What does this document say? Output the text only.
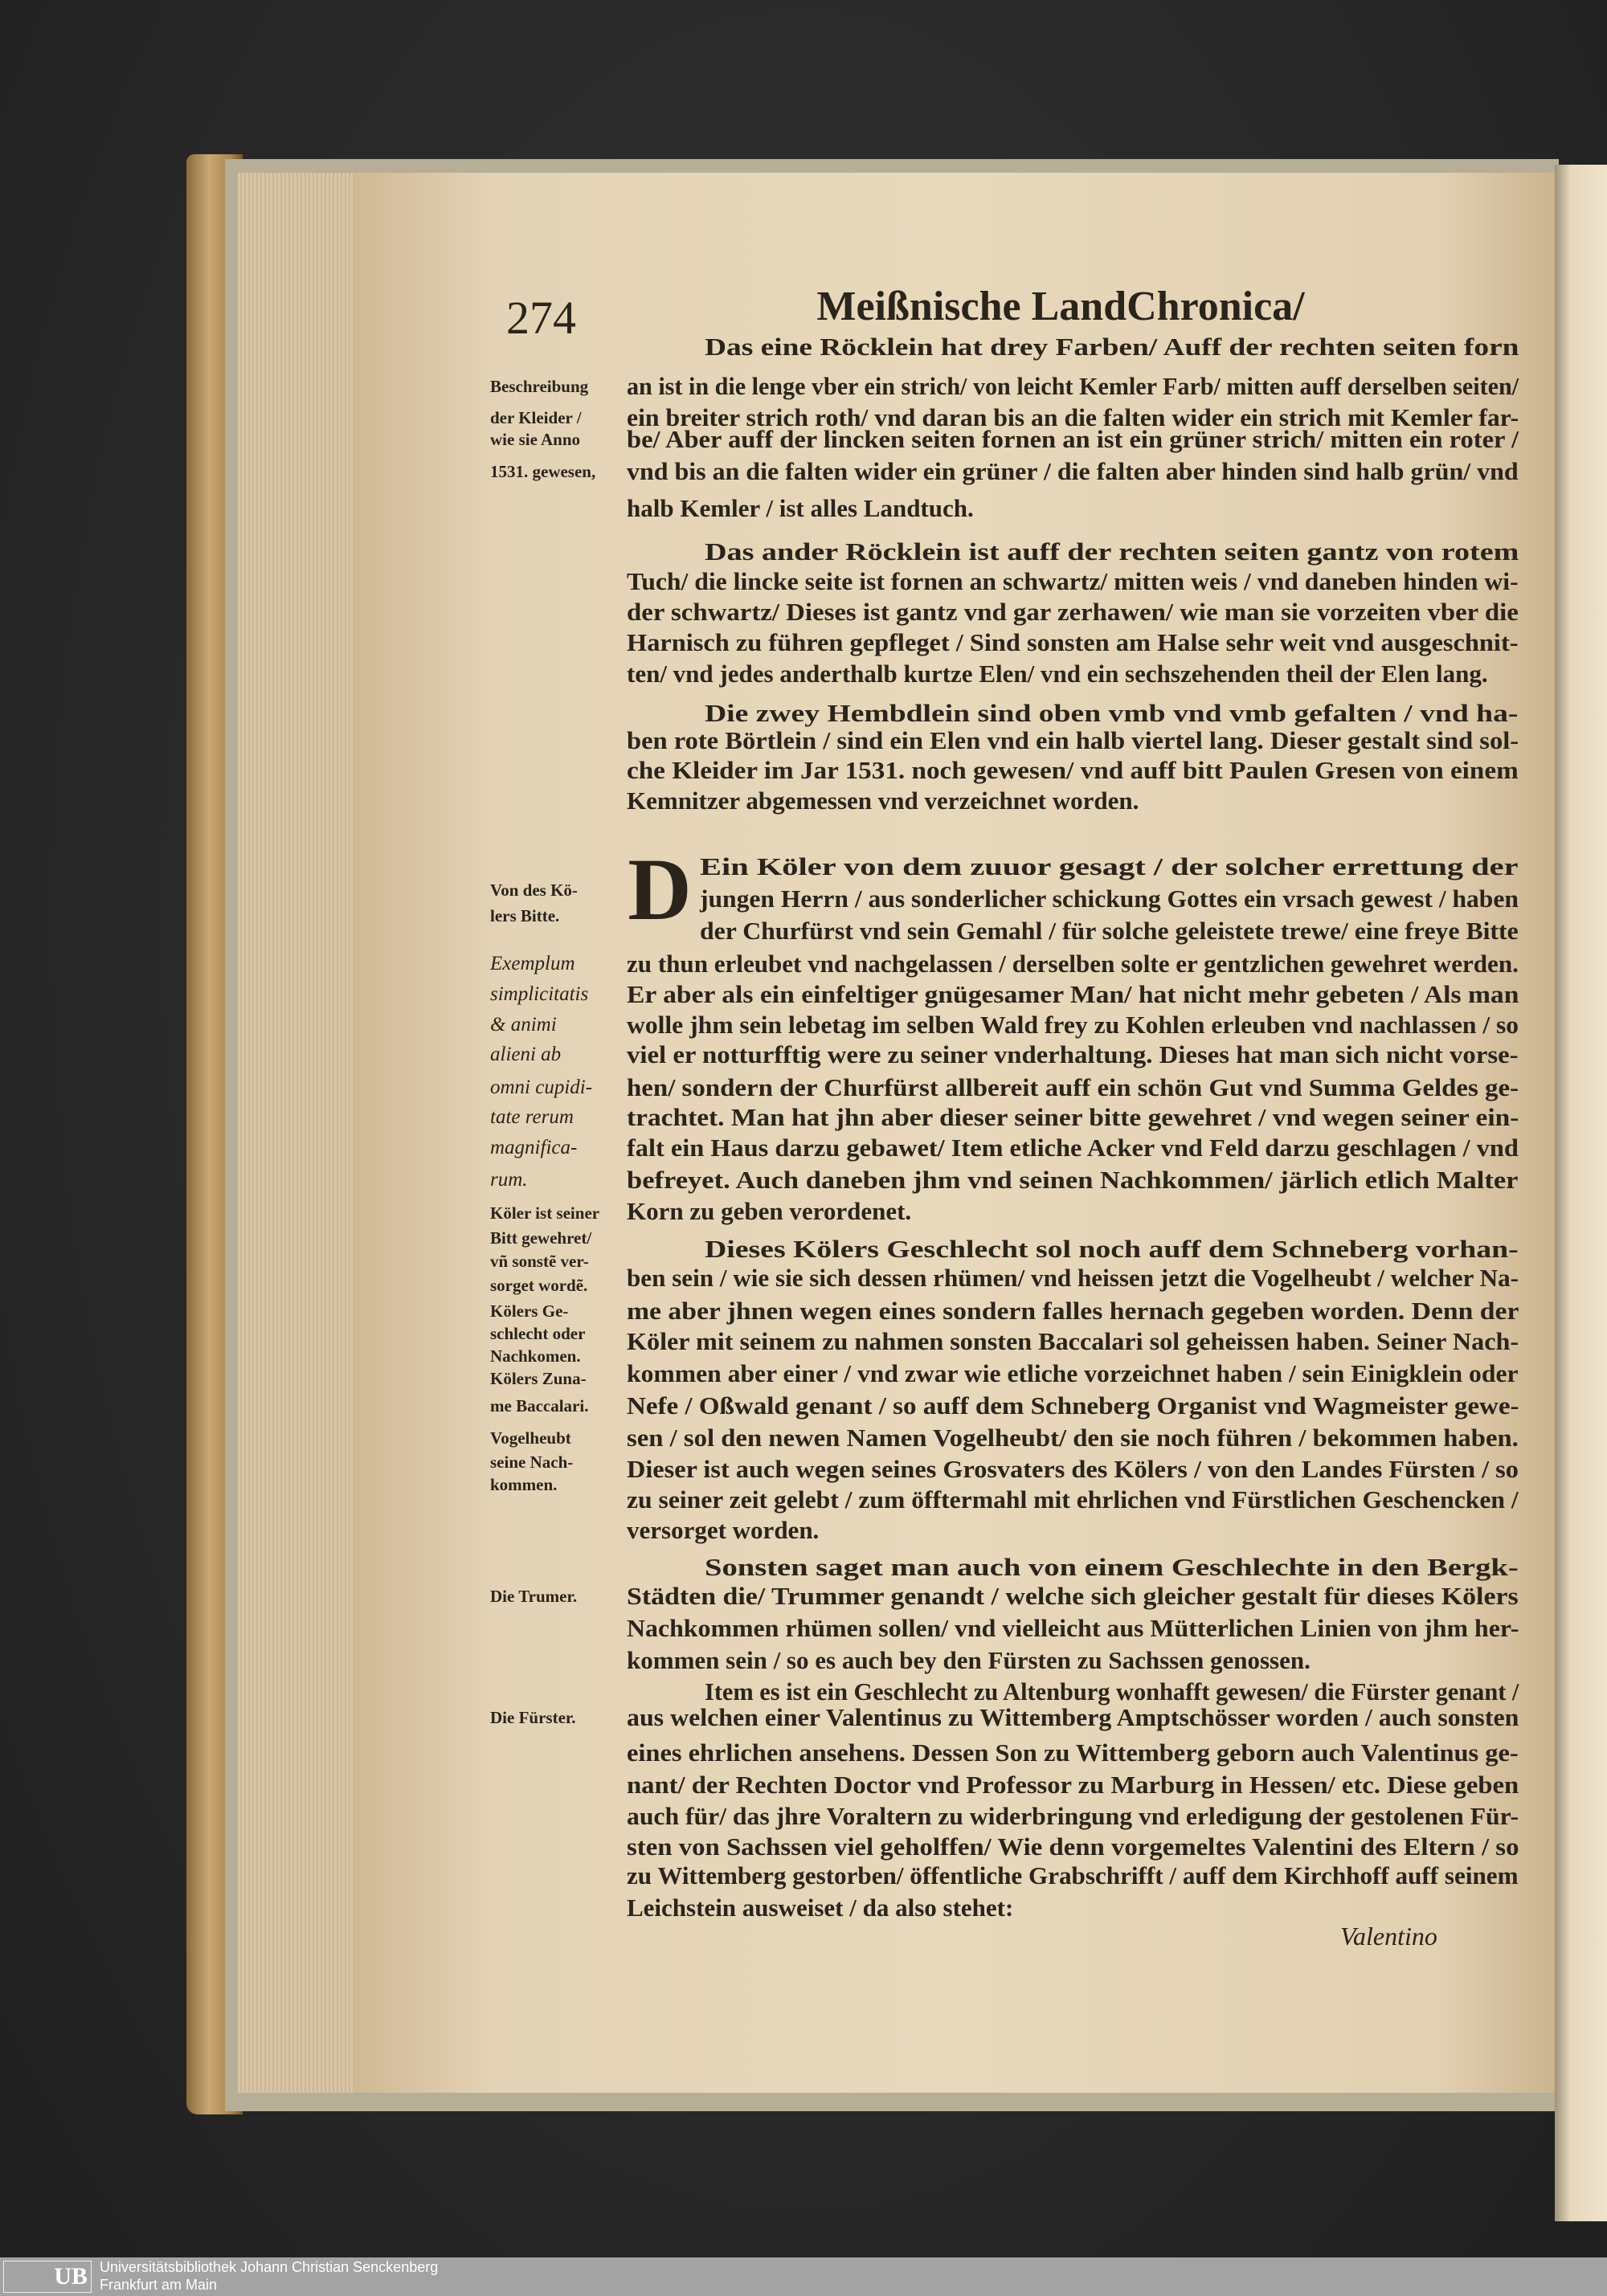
274	Meißnische LandChronica/
D
Das eine Röcklein hat drey Farben/ Auff der rechten seiten forn
an ist in die lenge vber ein strich/ von leicht Kemler Farb/ mitten auff derselben seiten/
ein breiter strich roth/ vnd daran bis an die falten wider ein strich mit Kemler far-
be/ Aber auff der lincken seiten fornen an ist ein grüner strich/ mitten ein roter /
vnd bis an die falten wider ein grüner / die falten aber hinden sind halb grün/ vnd
halb Kemler / ist alles Landtuch.
Das ander Röcklein ist auff der rechten seiten gantz von rotem
Tuch/ die lincke seite ist fornen an schwartz/ mitten weis / vnd daneben hinden wi-
der schwartz/ Dieses ist gantz vnd gar zerhawen/ wie man sie vorzeiten vber die
Harnisch zu führen gepfleget / Sind sonsten am Halse sehr weit vnd ausgeschnit-
ten/ vnd jedes anderthalb kurtze Elen/ vnd ein sechszehenden theil der Elen lang.
Die zwey Hembdlein sind oben vmb vnd vmb gefalten / vnd ha-
ben rote Börtlein / sind ein Elen vnd ein halb viertel lang. Dieser gestalt sind sol-
che Kleider im Jar 1531. noch gewesen/ vnd auff bitt Paulen Gresen von einem
Kemnitzer abgemessen vnd verzeichnet worden.
Ein Köler von dem zuuor gesagt / der solcher errettung der
jungen Herrn / aus sonderlicher schickung Gottes ein vrsach gewest / haben
der Churfürst vnd sein Gemahl / für solche geleistete trewe/ eine freye Bitte
zu thun erleubet vnd nachgelassen / derselben solte er gentzlichen gewehret werden.
Er aber als ein einfeltiger gnügesamer Man/ hat nicht mehr gebeten / Als man
wolle jhm sein lebetag im selben Wald frey zu Kohlen erleuben vnd nachlassen / so
viel er notturfftig were zu seiner vnderhaltung. Dieses hat man sich nicht vorse-
hen/ sondern der Churfürst allbereit auff ein schön Gut vnd Summa Geldes ge-
trachtet. Man hat jhn aber dieser seiner bitte gewehret / vnd wegen seiner ein-
falt ein Haus darzu gebawet/ Item etliche Acker vnd Feld darzu geschlagen / vnd
befreyet. Auch daneben jhm vnd seinen Nachkommen/ järlich etlich Malter
Korn zu geben verordenet.
Dieses Kölers Geschlecht sol noch auff dem Schneberg vorhan-
ben sein / wie sie sich dessen rhümen/ vnd heissen jetzt die Vogelheubt / welcher Na-
me aber jhnen wegen eines sondern falles hernach gegeben worden. Denn der
Köler mit seinem zu nahmen sonsten Baccalari sol geheissen haben. Seiner Nach-
kommen aber einer / vnd zwar wie etliche vorzeichnet haben / sein Einigklein oder
Nefe / Oßwald genant / so auff dem Schneberg Organist vnd Wagmeister gewe-
sen / sol den newen Namen Vogelheubt/ den sie noch führen / bekommen haben.
Dieser ist auch wegen seines Grosvaters des Kölers / von den Landes Fürsten / so
zu seiner zeit gelebt / zum öfftermahl mit ehrlichen vnd Fürstlichen Geschencken /
versorget worden.
Sonsten saget man auch von einem Geschlechte in den Bergk-
Städten die/ Trummer genandt / welche sich gleicher gestalt für dieses Kölers
Nachkommen rhümen sollen/ vnd vielleicht aus Mütterlichen Linien von jhm her-
kommen sein / so es auch bey den Fürsten zu Sachssen genossen.
Item es ist ein Geschlecht zu Altenburg wonhafft gewesen/ die Fürster genant /
aus welchen einer Valentinus zu Wittemberg Amptschösser worden / auch sonsten
eines ehrlichen ansehens. Dessen Son zu Wittemberg geborn auch Valentinus ge-
nant/ der Rechten Doctor vnd Professor zu Marburg in Hessen/ etc. Diese geben
auch für/ das jhre Voraltern zu widerbringung vnd erledigung der gestolenen Für-
sten von Sachssen viel geholffen/ Wie denn vorgemeltes Valentini des Eltern / so
zu Wittemberg gestorben/ öffentliche Grabschrifft / auff dem Kirchhoff auff seinem
Leichstein ausweiset / da also stehet:
Beschreibung
der Kleider /
wie sie Anno
1531. gewesen,
Von des Kö-
lers Bitte.
Exemplum
simplicitatis
& animi
alieni ab
omni cupidi-
tate rerum
magnifica-
rum.
Köler ist seiner
Bitt gewehret/
vñ sonstẽ ver-
sorget wordẽ.
Kölers Ge-
schlecht oder
Nachkomen.
Kölers Zuna-
me Baccalari.
Vogelheubt
seine Nach-
kommen.
Die Trumer.
Die Fürster.
Valentino
UB Universitätsbibliothek Johann Christian Senckenberg
Frankfurt am Main
